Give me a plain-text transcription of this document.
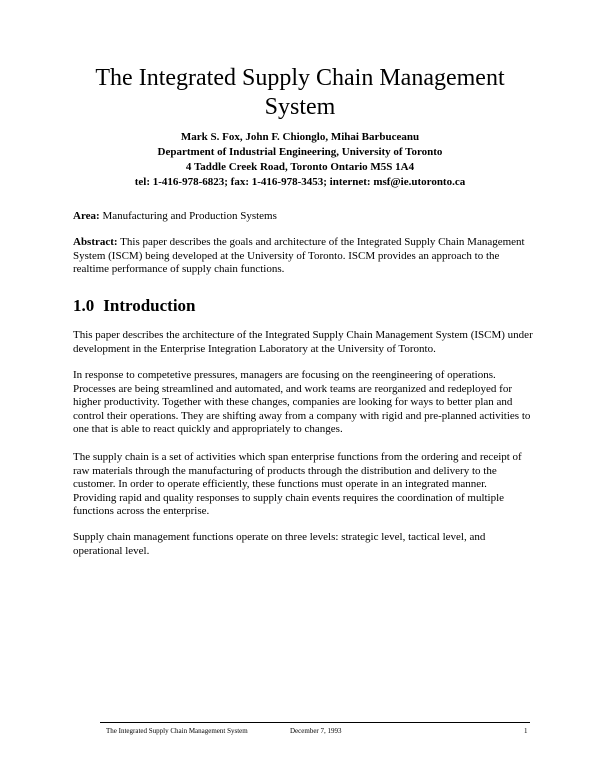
The Integrated Supply Chain Management System
Mark S. Fox, John F. Chionglo, Mihai Barbuceanu
Department of Industrial Engineering, University of Toronto
4 Taddle Creek Road, Toronto Ontario M5S 1A4
tel: 1-416-978-6823; fax: 1-416-978-3453; internet: msf@ie.utoronto.ca

Area: Manufacturing and Production Systems

Abstract: This paper describes the goals and architecture of the Integrated Supply Chain Management System (ISCM) being developed at the University of Toronto. ISCM provides an approach to the realtime performance of supply chain functions.

1.0 Introduction

This paper describes the architecture of the Integrated Supply Chain Management System (ISCM) under development in the Enterprise Integration Laboratory at the University of Toronto.

In response to competetive pressures, managers are focusing on the reengineering of operations. Processes are being streamlined and automated, and work teams are reorganized and redeployed for higher productivity. Together with these changes, companies are looking for ways to better plan and control their operations. They are shifting away from a company with rigid and pre-planned activities to one that is able to react quickly and appropriately to changes.

The supply chain is a set of activities which span enterprise functions from the ordering and receipt of raw materials through the manufacturing of products through the distribution and delivery to the customer. In order to operate efficiently, these functions must operate in an integrated manner. Providing rapid and quality responses to supply chain events requires the coordination of multiple functions across the enterprise.

Supply chain management functions operate on three levels: strategic level, tactical level, and operational level.

The Integrated Supply Chain Management System	December 7, 1993	1
